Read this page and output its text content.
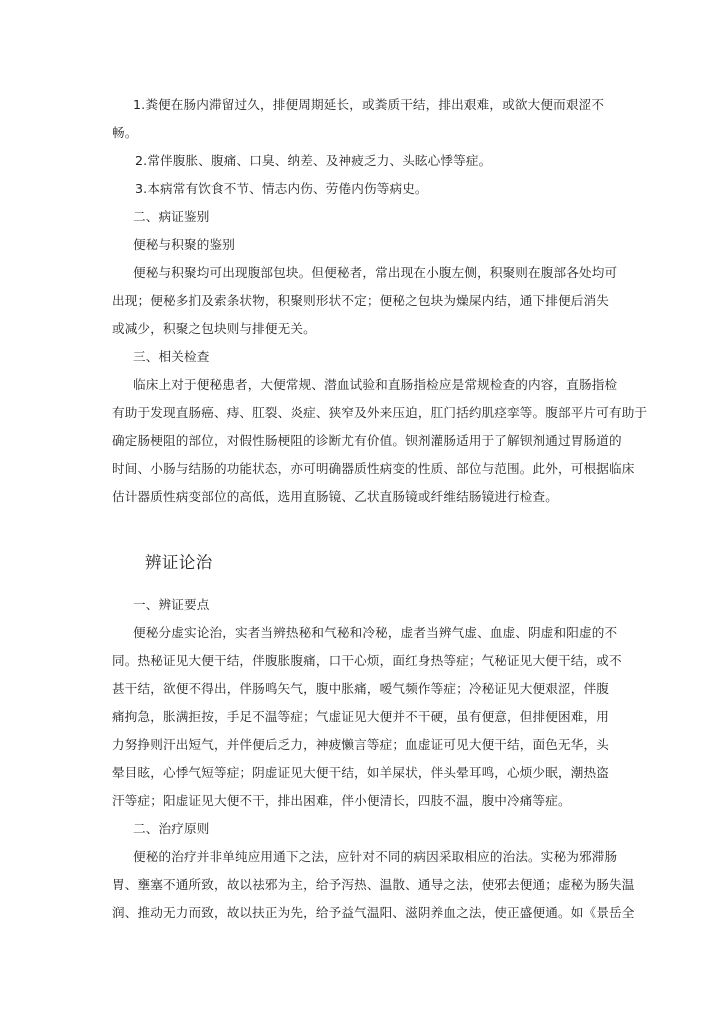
1.粪便在肠内滞留过久，排便周期延长，或粪质干结，排出艰难，或欲大便而艰涩不

畅。

2.常伴腹胀、腹痛、口臭、纳差、及神疲乏力、头眩心悸等症。

3.本病常有饮食不节、情志内伤、劳倦内伤等病史。

二、病证鉴别

便秘与积聚的鉴别

便秘与积聚均可出现腹部包块。但便秘者，常出现在小腹左侧，积聚则在腹部各处均可

出现；便秘多扪及索条状物，积聚则形状不定；便秘之包块为燥屎内结，通下排便后消失

或减少，积聚之包块则与排便无关。

三、相关检查

临床上对于便秘患者，大便常规、潜血试验和直肠指检应是常规检查的内容，直肠指检

有助于发现直肠癌、痔、肛裂、炎症、狭窄及外来压迫，肛门括约肌痉挛等。腹部平片可有助于

确定肠梗阻的部位，对假性肠梗阻的诊断尤有价值。钡剂灌肠适用于了解钡剂通过胃肠道的

时间、小肠与结肠的功能状态，亦可明确器质性病变的性质、部位与范围。此外，可根据临床

估计器质性病变部位的高低，选用直肠镜、乙状直肠镜或纤维结肠镜进行检查。

辨证论治

一、辨证要点

便秘分虚实论治，实者当辨热秘和气秘和冷秘，虚者当辨气虚、血虚、阴虚和阳虚的不

同。热秘证见大便干结，伴腹胀腹痛，口干心烦，面红身热等症；气秘证见大便干结，或不

甚干结，欲便不得出，伴肠鸣矢气，腹中胀痛，嗳气频作等症；冷秘证见大便艰涩，伴腹

痛拘急，胀满拒按，手足不温等症；气虚证见大便并不干硬，虽有便意，但排便困难，用

力努挣则汗出短气，并伴便后乏力，神疲懒言等症；血虚证可见大便干结，面色无华，头

晕目眩，心悸气短等症；阴虚证见大便干结，如羊屎状，伴头晕耳鸣，心烦少眠，潮热盗

汗等症；阳虚证见大便不干，排出困难，伴小便清长，四肢不温，腹中冷痛等症。

二、治疗原则

便秘的治疗并非单纯应用通下之法，应针对不同的病因采取相应的治法。实秘为邪滞肠

胃、壅塞不通所致，故以祛邪为主，给予泻热、温散、通导之法，使邪去便通；虚秘为肠失温

润、推动无力而致，故以扶正为先，给予益气温阳、滋阴养血之法，使正盛便通。如《景岳全
